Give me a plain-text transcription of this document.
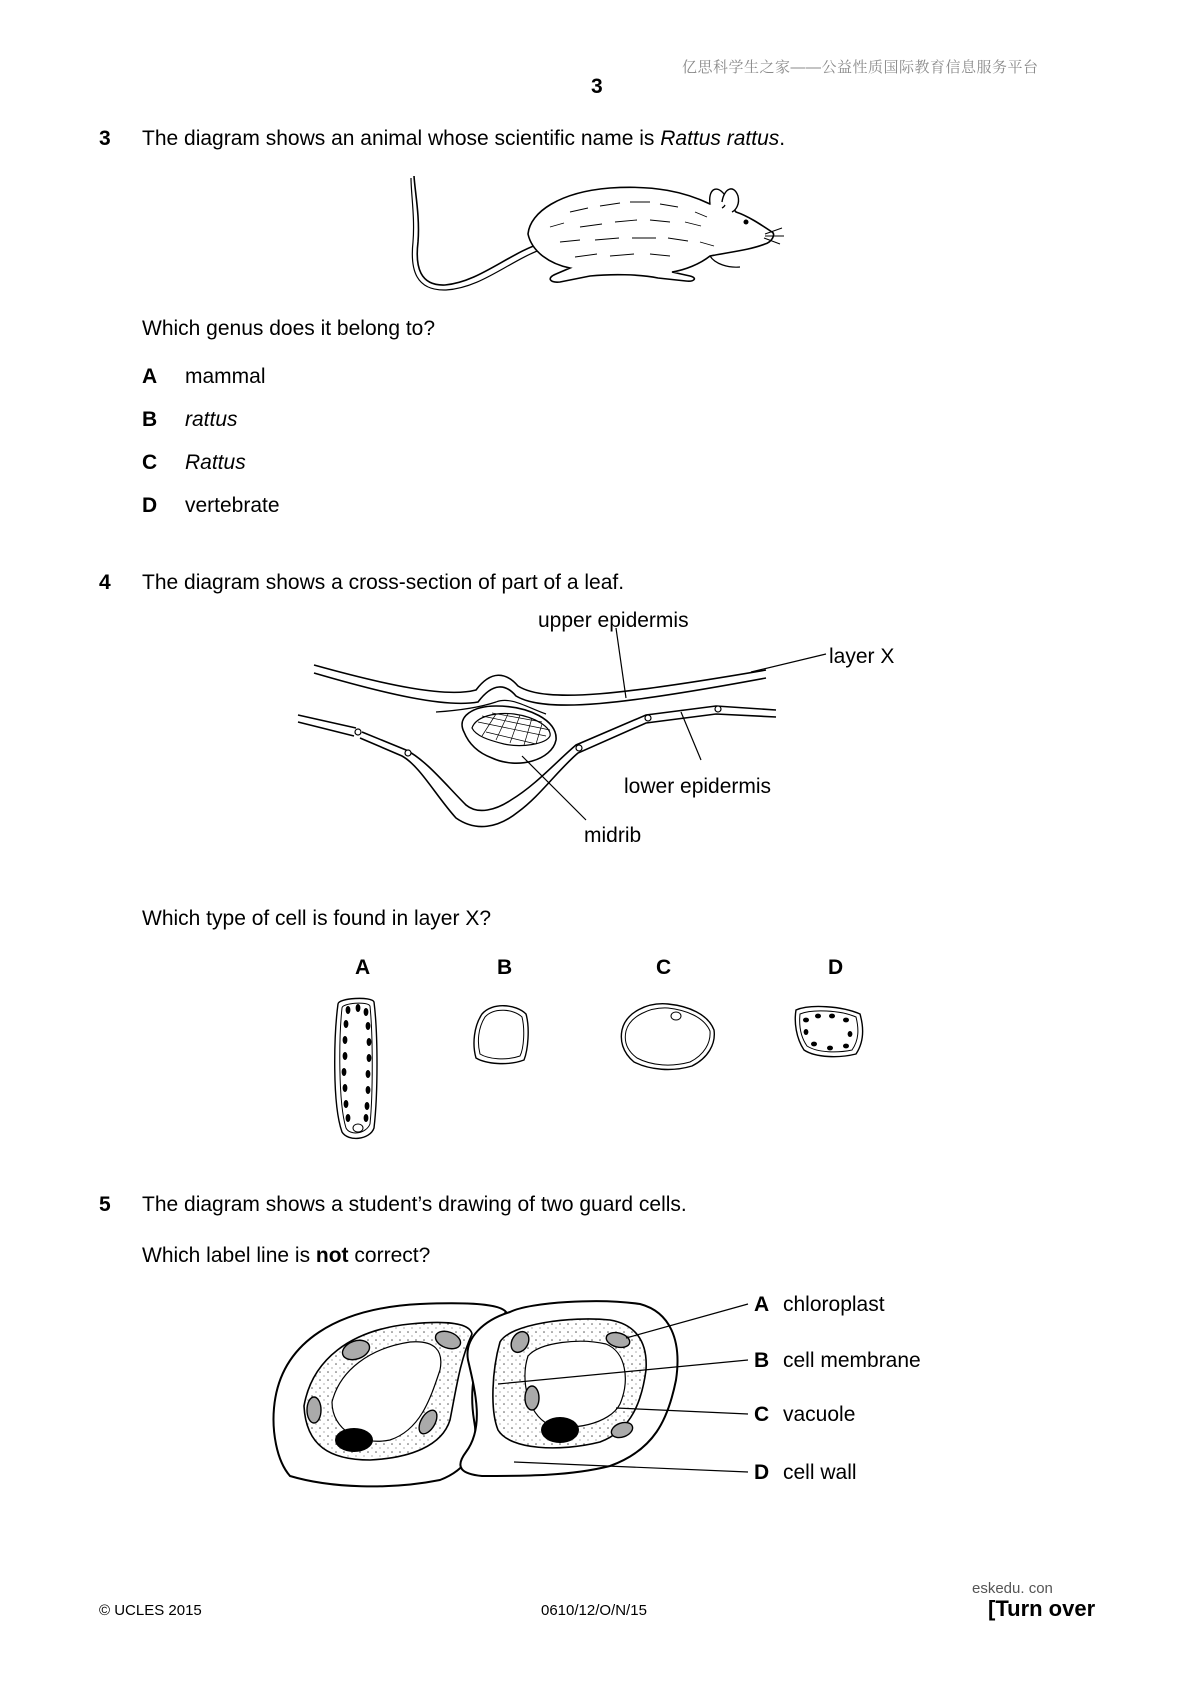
亿思科学生之家——公益性质国际教育信息服务平台
3
3 The diagram shows an animal whose scientific name is Rattus rattus.
Which genus does it belong to?
A mammal
B rattus
C Rattus
D vertebrate
4 The diagram shows a cross-section of part of a leaf.
upper epidermis
layer X
lower epidermis
midrib
Which type of cell is found in layer X?
A	B	C	D
5 The diagram shows a student’s drawing of two guard cells.
Which label line is not correct?
A chloroplast
B cell membrane
C vacuole
D cell wall
eskedu. con
© UCLES 2015	0610/12/O/N/15	[Turn over
